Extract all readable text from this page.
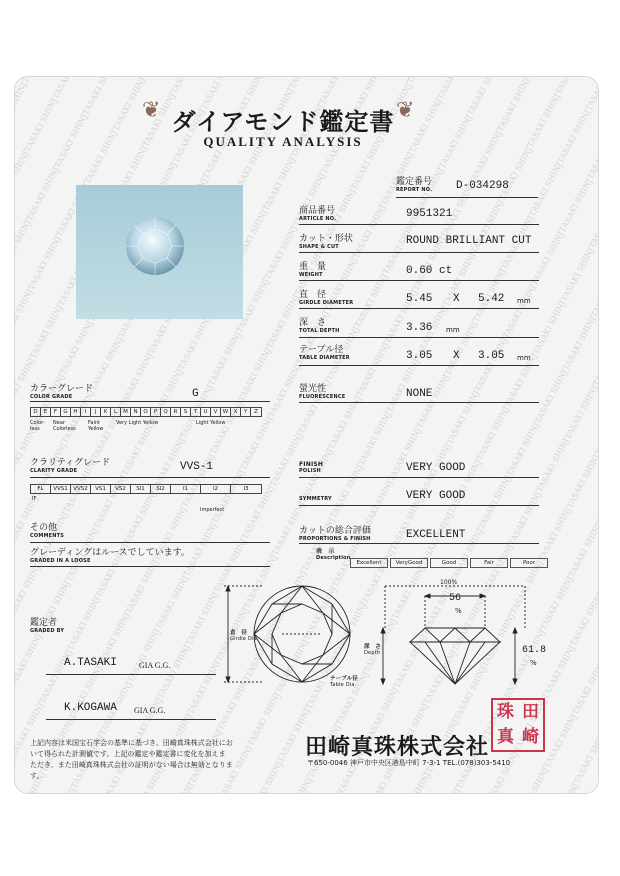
❦	❦
ダイアモンド鑑定書
QUALITY ANALYSIS
鑑定番号
REPORT NO. D-034298
商品番号
ARTICLE NO.	9951321
カット・形状
SHAPE & CUT	ROUND BRILLIANT CUT
重　量
WEIGHT	0.60 ct
直　径
GIRDLE DIAMETER	5.45 X 5.42 mm
深　さ
TOTAL DEPTH	3.36 mm
テーブル径
TABLE DIAMETER	3.05 X 3.05 mm
カラーグレード
COLOR GRADE	G
D	E	F	G	H	I	J	K	L	M	N	O	P	Q	R	S	T	U	V W X	Y	Z
Color-less
Near Colorless
Faint Yellow
Very Light Yellow	Light Yellow
螢光性
FLUORESCENCE	NONE
クラリティグレード
CLARITY GRADE	VVS-1
FL	VVS1 VVS2	VS1	VS2	SI1	SI2	I1	I2	I3
IF
Imperfect
FINISH
POLISH	VERY GOOD
SYMMETRY	VERY GOOD
カットの総合評価
PROPORTIONS & FINISH	EXCELLENT
表　示
Description
Excellent	VeryGood	Good	Fair	Poor
その他
COMMENTS
グレーディングはルースでしています。
GRADED IN A LOOSE
直　径
Girdle Dia.
テーブル径
Table Dia.
100%
56
%
深　さ
Depth	61.8
%
鑑定者
GRADED BY
A.TASAKI	GIA G.G.
K.KOGAWA GIA G.G.
上記内容は米国宝石学会の基準に基づき、田崎真珠株式会社にお
いて得られた計測値です。上記の鑑定や鑑定書に変化を加えま
ただき、また田崎真珠株式会社の証明がない場合は無効となります。
田崎真珠株式会社
〒650-0046 神戸市中央区港島中町 7-3-1 TEL.(078)303-5410
珠 田
真 崎
